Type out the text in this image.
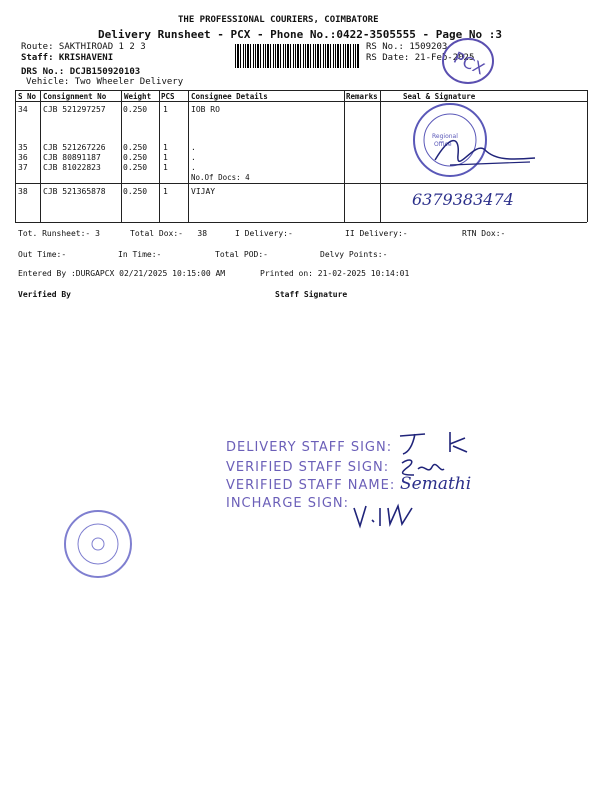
THE PROFESSIONAL COURIERS, COIMBATORE
Delivery Runsheet - PCX - Phone No.:0422-3505555 - Page No :3
Route: SAKTHIROAD 1 2 3
Staff: KRISHAVENI
DRS No.: DCJB150920103
Vehicle: Two Wheeler Delivery
RS No.: 1509203
RS Date: 21-Feb-2025
PCX
S No Consignment No Weight PCS Consignee Details	Remarks	Seal & Signature
34 CJB 521297257 0.250 1	IOB RO
35 CJB 521267226 0.250 1	.
36 CJB 80891187	0.250 1	.
37 CJB 81022823	0.250 1	.
No.Of Docs: 4
38 CJB 521365878 0.250 1	VIJAY
Regional
Office
6379383474
Tot. Runsheet:- 3	Total Dox:-   38	I Delivery:-	II Delivery:-	RTN Dox:-
Out Time:-	In Time:-	Total POD:-	Delvy Points:-
Entered By :DURGAPCX 02/21/2025 10:15:00 AM	Printed on: 21-02-2025 10:14:01
Verified By	Staff Signature
DELIVERY STAFF SIGN:
VERIFIED STAFF SIGN:
VERIFIED STAFF NAME:
INCHARGE SIGN:
Semathi
